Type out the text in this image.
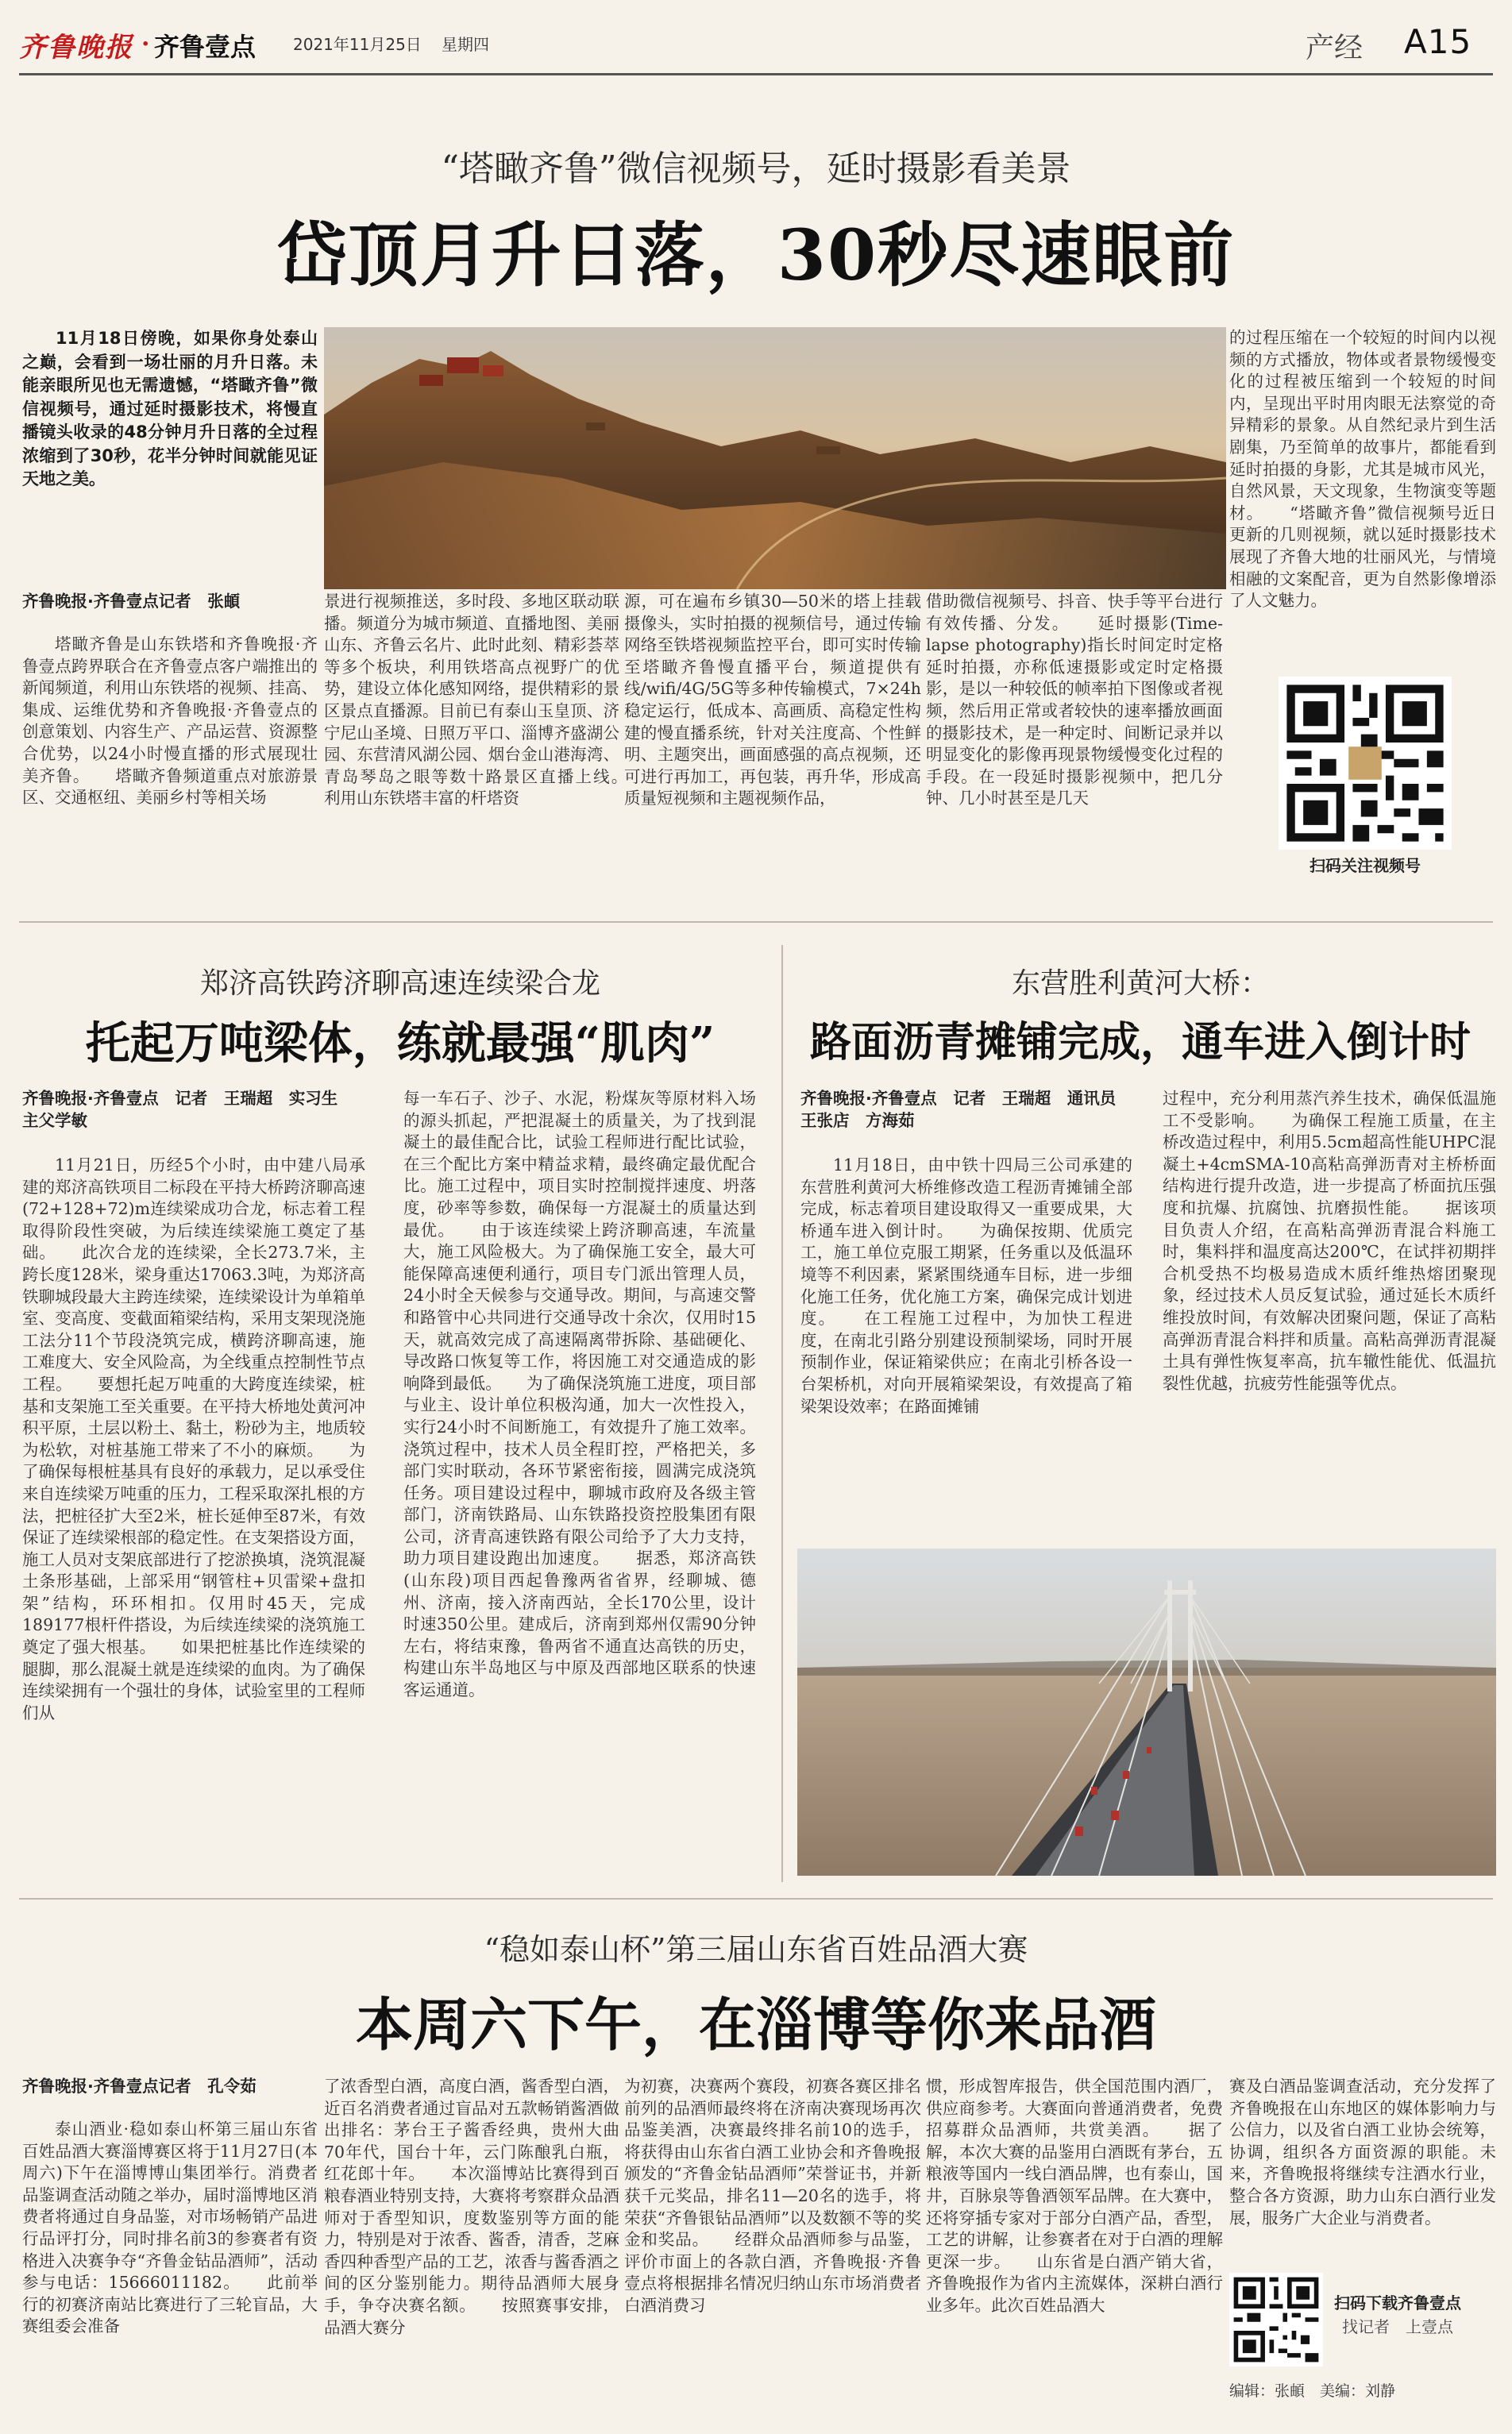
齐鲁晚报 · 齐鲁壹点 2021年11月25日 星期四	产经 A15
“塔瞰齐鲁”微信视频号，延时摄影看美景
岱顶月升日落，30秒尽速眼前

11月18日傍晚，如果你身处泰山之巅，会看到一场壮丽的月升日落。未能亲眼所见也无需遗憾，“塔瞰齐鲁”微信视频号，通过延时摄影技术，将慢直播镜头收录的48分钟月升日落的全过程浓缩到了30秒，花半分钟时间就能见证天地之美。

齐鲁晚报·齐鲁壹点记者　张頔

塔瞰齐鲁是山东铁塔和齐鲁晚报·齐鲁壹点跨界联合在齐鲁壹点客户端推出的新闻频道，利用山东铁塔的视频、挂高、集成、运维优势和齐鲁晚报·齐鲁壹点的创意策划、内容生产、产品运营、资源整合优势，以24小时慢直播的形式展现壮美齐鲁。　　塔瞰齐鲁频道重点对旅游景区、交通枢纽、美丽乡村等相关场

景进行视频推送，多时段、多地区联动联播。频道分为城市频道、直播地图、美丽山东、齐鲁云名片、此时此刻、精彩荟萃等多个板块，利用铁塔高点视野广的优势，建设立体化感知网络，提供精彩的景区景点直播源。目前已有泰山玉皇顶、济宁尼山圣境、日照万平口、淄博齐盛湖公园、东营清风湖公园、烟台金山港海湾、青岛琴岛之眼等数十路景区直播上线。　　利用山东铁塔丰富的杆塔资

源，可在遍布乡镇30—50米的塔上挂载摄像头，实时拍摄的视频信号，通过传输网络至铁塔视频监控平台，即可实时传输至塔瞰齐鲁慢直播平台，频道提供有线/wifi/4G/5G等多种传输模式，7×24h稳定运行，低成本、高画质、高稳定性构建的慢直播系统，针对关注度高、个性鲜明、主题突出，画面感强的高点视频，还可进行再加工，再包装，再升华，形成高质量短视频和主题视频作品，

借助微信视频号、抖音、快手等平台进行有效传播、分发。　　延时摄影(Time-lapse photography)指长时间定时定格延时拍摄，亦称低速摄影或定时定格摄影，是以一种较低的帧率拍下图像或者视频，然后用正常或者较快的速率播放画面的摄影技术，是一种定时、间断记录并以明显变化的影像再现景物缓慢变化过程的手段。在一段延时摄影视频中，把几分钟、几小时甚至是几天

的过程压缩在一个较短的时间内以视频的方式播放，物体或者景物缓慢变化的过程被压缩到一个较短的时间内，呈现出平时用肉眼无法察觉的奇异精彩的景象。从自然纪录片到生活剧集，乃至简单的故事片，都能看到延时拍摄的身影，尤其是城市风光，自然风景，天文现象，生物演变等题材。　　“塔瞰齐鲁”微信视频号近日更新的几则视频，就以延时摄影技术展现了齐鲁大地的壮丽风光，与情境相融的文案配音，更为自然影像增添了人文魅力。

扫码关注视频号
郑济高铁跨济聊高速连续梁合龙
托起万吨梁体，练就最强“肌肉”
齐鲁晚报·齐鲁壹点　记者　王瑞超　实习生　主父学敏

11月21日，历经5个小时，由中建八局承建的郑济高铁项目二标段在平持大桥跨济聊高速(72+128+72)m连续梁成功合龙，标志着工程取得阶段性突破，为后续连续梁施工奠定了基础。　　此次合龙的连续梁，全长273.7米，主跨长度128米，梁身重达17063.3吨，为郑济高铁聊城段最大主跨连续梁，连续梁设计为单箱单室、变高度、变截面箱梁结构，采用支架现浇施工法分11个节段浇筑完成，横跨济聊高速，施工难度大、安全风险高，为全线重点控制性节点工程。　　要想托起万吨重的大跨度连续梁，桩基和支架施工至关重要。在平持大桥地处黄河冲积平原，土层以粉土、黏土，粉砂为主，地质较为松软，对桩基施工带来了不小的麻烦。　　为了确保每根桩基具有良好的承载力，足以承受住来自连续梁万吨重的压力，工程采取深扎根的方法，把桩径扩大至2米，桩长延伸至87米，有效保证了连续梁根部的稳定性。在支架搭设方面，施工人员对支架底部进行了挖淤换填，浇筑混凝土条形基础，上部采用“钢管柱+贝雷梁+盘扣架”结构，环环相扣。仅用时45天，完成189177根杆件搭设，为后续连续梁的浇筑施工奠定了强大根基。　　如果把桩基比作连续梁的腿脚，那么混凝土就是连续梁的血肉。为了确保连续梁拥有一个强壮的身体，试验室里的工程师们从

每一车石子、沙子、水泥，粉煤灰等原材料入场的源头抓起，严把混凝土的质量关，为了找到混凝土的最佳配合比，试验工程师进行配比试验，在三个配比方案中精益求精，最终确定最优配合比。施工过程中，项目实时控制搅拌速度、坍落度，砂率等参数，确保每一方混凝土的质量达到最优。　　由于该连续梁上跨济聊高速，车流量大，施工风险极大。为了确保施工安全，最大可能保障高速便利通行，项目专门派出管理人员，24小时全天候参与交通导改。期间，与高速交警和路管中心共同进行交通导改十余次，仅用时15天，就高效完成了高速隔离带拆除、基础硬化、导改路口恢复等工作，将因施工对交通造成的影响降到最低。　　为了确保浇筑施工进度，项目部与业主、设计单位积极沟通，加大一次性投入，实行24小时不间断施工，有效提升了施工效率。浇筑过程中，技术人员全程盯控，严格把关，多部门实时联动，各环节紧密衔接，圆满完成浇筑任务。项目建设过程中，聊城市政府及各级主管部门，济南铁路局、山东铁路投资控股集团有限公司，济青高速铁路有限公司给予了大力支持，助力项目建设跑出加速度。　　据悉，郑济高铁(山东段)项目西起鲁豫两省省界，经聊城、德州、济南，接入济南西站，全长170公里，设计时速350公里。建成后，济南到郑州仅需90分钟左右，将结束豫，鲁两省不通直达高铁的历史，构建山东半岛地区与中原及西部地区联系的快速客运通道。

东营胜利黄河大桥：
路面沥青摊铺完成，通车进入倒计时
齐鲁晚报·齐鲁壹点　记者　王瑞超　通讯员　王张店　方海茹

11月18日，由中铁十四局三公司承建的东营胜利黄河大桥维修改造工程沥青摊铺全部完成，标志着项目建设取得又一重要成果，大桥通车进入倒计时。　　为确保按期、优质完工，施工单位克服工期紧，任务重以及低温环境等不利因素，紧紧围绕通车目标，进一步细化施工任务，优化施工方案，确保完成计划进度。　　在工程施工过程中，为加快工程进度，在南北引路分别建设预制梁场，同时开展预制作业，保证箱梁供应；在南北引桥各设一台架桥机，对向开展箱梁架设，有效提高了箱梁架设效率；在路面摊铺

过程中，充分利用蒸汽养生技术，确保低温施工不受影响。　　为确保工程施工质量，在主桥改造过程中，利用5.5cm超高性能UHPC混凝土+4cmSMA-10高粘高弹沥青对主桥桥面结构进行提升改造，进一步提高了桥面抗压强度和抗爆、抗腐蚀、抗磨损性能。　　据该项目负责人介绍，在高粘高弹沥青混合料施工时，集料拌和温度高达200℃，在试拌初期拌合机受热不均极易造成木质纤维热熔团聚现象，经过技术人员反复试验，通过延长木质纤维投放时间，有效解决团聚问题，保证了高粘高弹沥青混合料拌和质量。高粘高弹沥青混凝土具有弹性恢复率高，抗车辙性能优、低温抗裂性优越，抗疲劳性能强等优点。

“稳如泰山杯”第三届山东省百姓品酒大赛
本周六下午，在淄博等你来品酒
齐鲁晚报·齐鲁壹点记者　孔令茹

泰山酒业·稳如泰山杯第三届山东省百姓品酒大赛淄博赛区将于11月27日(本周六)下午在淄博博山集团举行。消费者品鉴调查活动随之举办，届时淄博地区消费者将通过自身品鉴，对市场畅销产品进行品评打分，同时排名前3的参赛者有资格进入决赛争夺“齐鲁金钻品酒师”，活动参与电话：15666011182。　　此前举行的初赛济南站比赛进行了三轮盲品，大赛组委会准备

了浓香型白酒，高度白酒，酱香型白酒，近百名消费者通过盲品对五款畅销酱酒做出排名：茅台王子酱香经典，贵州大曲70年代，国台十年，云门陈酿乳白瓶，红花郎十年。　　本次淄博站比赛得到百粮春酒业特别支持，大赛将考察群众品酒师对于香型知识，度数鉴别等方面的能力，特别是对于浓香、酱香，清香，芝麻香四种香型产品的工艺，浓香与酱香酒之间的区分鉴别能力。期待品酒师大展身手，争夺决赛名额。　　按照赛事安排，品酒大赛分

为初赛，决赛两个赛段，初赛各赛区排名前列的品酒师最终将在济南决赛现场再次品鉴美酒，决赛最终排名前10的选手，将获得由山东省白酒工业协会和齐鲁晚报颁发的“齐鲁金钻品酒师”荣誉证书，并新获千元奖品，排名11—20名的选手，将荣获“齐鲁银钻品酒师”以及数额不等的奖金和奖品。　　经群众品酒师参与品鉴，评价市面上的各款白酒，齐鲁晚报·齐鲁壹点将根据排名情况归纳山东市场消费者白酒消费习

惯，形成智库报告，供全国范围内酒厂，供应商参考。大赛面向普通消费者，免费招募群众品酒师，共赏美酒。　　据了解，本次大赛的品鉴用白酒既有茅台，五粮液等国内一线白酒品牌，也有泰山，国井，百脉泉等鲁酒领军品牌。在大赛中，还将穿插专家对于部分白酒产品，香型，工艺的讲解，让参赛者在对于白酒的理解更深一步。　　山东省是白酒产销大省，齐鲁晚报作为省内主流媒体，深耕白酒行业多年。此次百姓品酒大

赛及白酒品鉴调查活动，充分发挥了齐鲁晚报在山东地区的媒体影响力与公信力，以及省白酒工业协会统筹，协调，组织各方面资源的职能。未来，齐鲁晚报将继续专注酒水行业，整合各方资源，助力山东白酒行业发展，服务广大企业与消费者。

扫码下载齐鲁壹点
找记者　上壹点
编辑：张頔　美编：刘静
